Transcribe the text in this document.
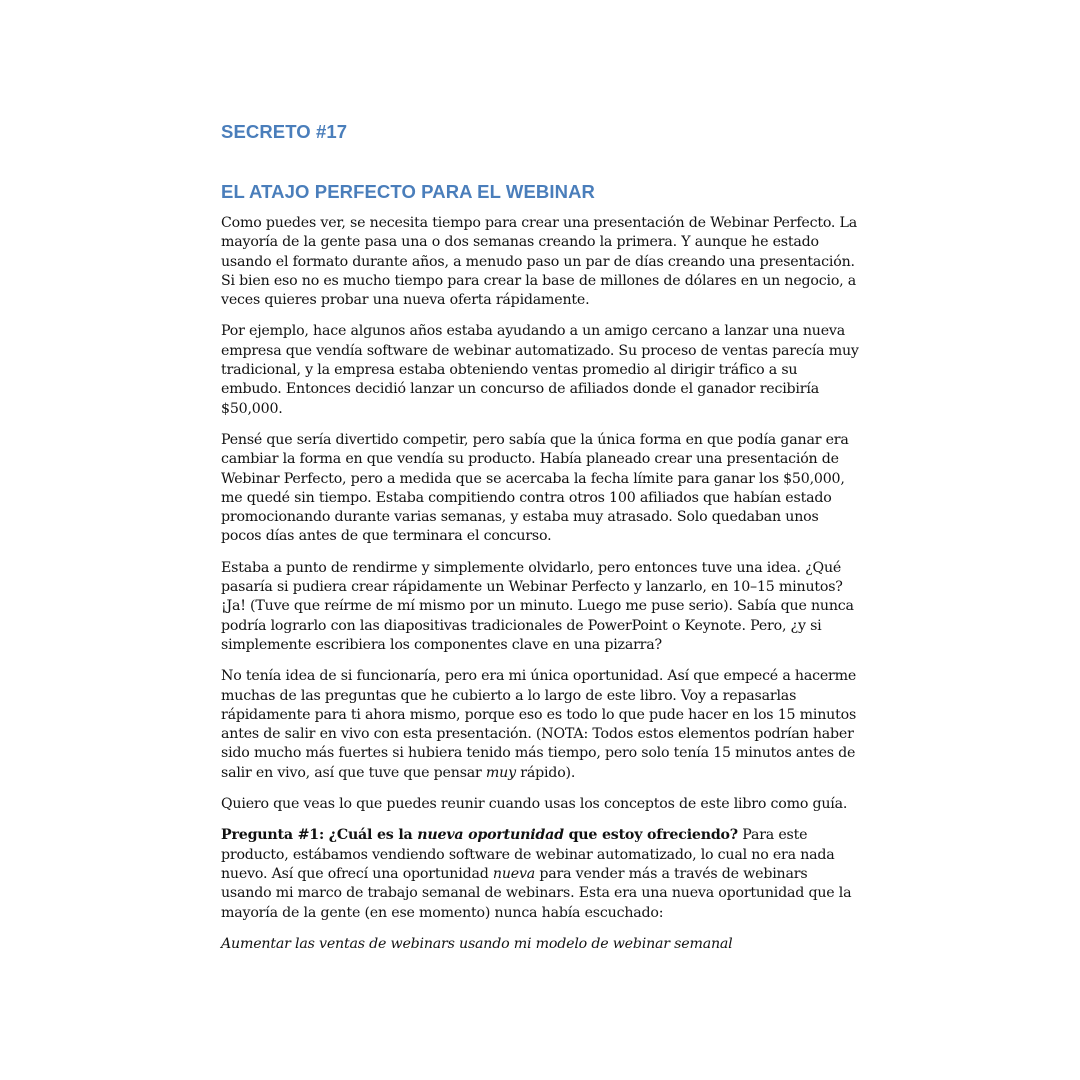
SECRETO #17
EL ATAJO PERFECTO PARA EL WEBINAR

Como puedes ver, se necesita tiempo para crear una presentación de Webinar Perfecto. La mayoría de la gente pasa una o dos semanas creando la primera. Y aunque he estado usando el formato durante años, a menudo paso un par de días creando una presentación. Si bien eso no es mucho tiempo para crear la base de millones de dólares en un negocio, a veces quieres probar una nueva oferta rápidamente.

Por ejemplo, hace algunos años estaba ayudando a un amigo cercano a lanzar una nueva empresa que vendía software de webinar automatizado. Su proceso de ventas parecía muy tradicional, y la empresa estaba obteniendo ventas promedio al dirigir tráfico a su embudo. Entonces decidió lanzar un concurso de afiliados donde el ganador recibiría $50,000.

Pensé que sería divertido competir, pero sabía que la única forma en que podía ganar era cambiar la forma en que vendía su producto. Había planeado crear una presentación de Webinar Perfecto, pero a medida que se acercaba la fecha límite para ganar los $50,000, me quedé sin tiempo. Estaba compitiendo contra otros 100 afiliados que habían estado promocionando durante varias semanas, y estaba muy atrasado. Solo quedaban unos pocos días antes de que terminara el concurso.

Estaba a punto de rendirme y simplemente olvidarlo, pero entonces tuve una idea. ¿Qué pasaría si pudiera crear rápidamente un Webinar Perfecto y lanzarlo, en 10–15 minutos? ¡Ja! (Tuve que reírme de mí mismo por un minuto. Luego me puse serio). Sabía que nunca podría lograrlo con las diapositivas tradicionales de PowerPoint o Keynote. Pero, ¿y si simplemente escribiera los componentes clave en una pizarra?

No tenía idea de si funcionaría, pero era mi única oportunidad. Así que empecé a hacerme muchas de las preguntas que he cubierto a lo largo de este libro. Voy a repasarlas rápidamente para ti ahora mismo, porque eso es todo lo que pude hacer en los 15 minutos antes de salir en vivo con esta presentación. (NOTA: Todos estos elementos podrían haber sido mucho más fuertes si hubiera tenido más tiempo, pero solo tenía 15 minutos antes de salir en vivo, así que tuve que pensar muy rápido).

Quiero que veas lo que puedes reunir cuando usas los conceptos de este libro como guía.

Pregunta #1: ¿Cuál es la nueva oportunidad que estoy ofreciendo? Para este producto, estábamos vendiendo software de webinar automatizado, lo cual no era nada nuevo. Así que ofrecí una oportunidad nueva para vender más a través de webinars usando mi marco de trabajo semanal de webinars. Esta era una nueva oportunidad que la mayoría de la gente (en ese momento) nunca había escuchado:

Aumentar las ventas de webinars usando mi modelo de webinar semanal
